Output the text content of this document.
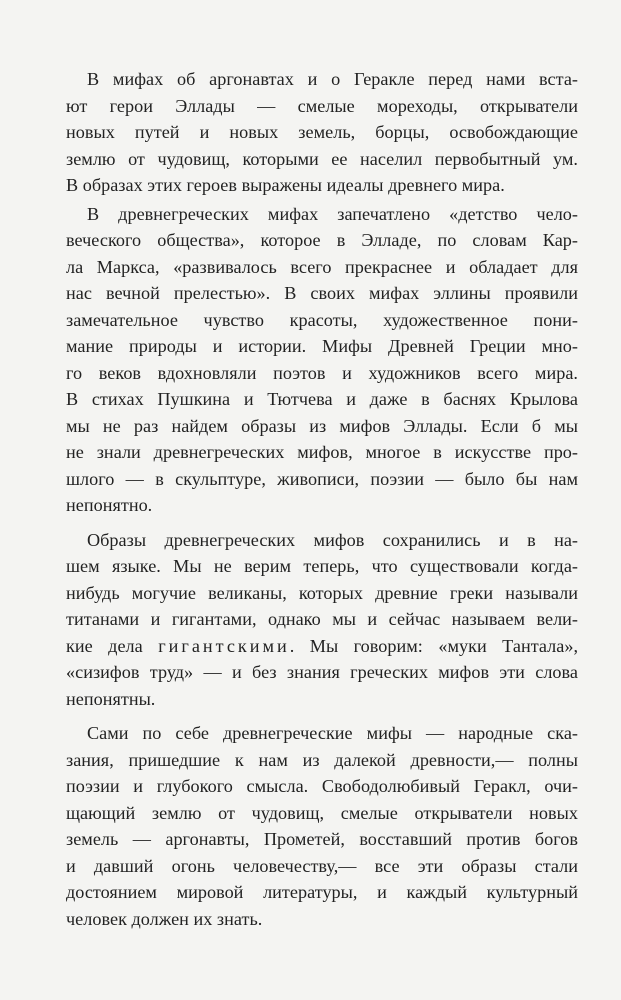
В мифах об аргонавтах и о Геракле перед нами вста-
ют герои Эллады — смелые мореходы, открыватели
новых путей и новых земель, борцы, освобождающие
землю от чудовищ, которыми ее населил первобытный ум.
В образах этих героев выражены идеалы древнего мира.

В древнегреческих мифах запечатлено «детство чело-
веческого общества», которое в Элладе, по словам Кар-
ла Маркса, «развивалось всего прекраснее и обладает для
нас вечной прелестью». В своих мифах эллины проявили
замечательное чувство красоты, художественное пони-
мание природы и истории. Мифы Древней Греции мно-
го веков вдохновляли поэтов и художников всего мира.
В стихах Пушкина и Тютчева и даже в баснях Крылова
мы не раз найдем образы из мифов Эллады. Если б мы
не знали древнегреческих мифов, многое в искусстве про-
шлого — в скульптуре, живописи, поэзии — было бы нам
непонятно.

Образы древнегреческих мифов сохранились и в на-
шем языке. Мы не верим теперь, что существовали когда-
нибудь могучие великаны, которых древние греки называли
титанами и гигантами, однако мы и сейчас называем вели-
кие дела гигантскими. Мы говорим: «муки Тантала»,
«сизифов труд» — и без знания греческих мифов эти слова
непонятны.

Сами по себе древнегреческие мифы — народные ска-
зания, пришедшие к нам из далекой древности,— полны
поэзии и глубокого смысла. Свободолюбивый Геракл, очи-
щающий землю от чудовищ, смелые открыватели новых
земель — аргонавты, Прометей, восставший против богов
и давший огонь человечеству,— все эти образы стали
достоянием мировой литературы, и каждый культурный
человек должен их знать.
